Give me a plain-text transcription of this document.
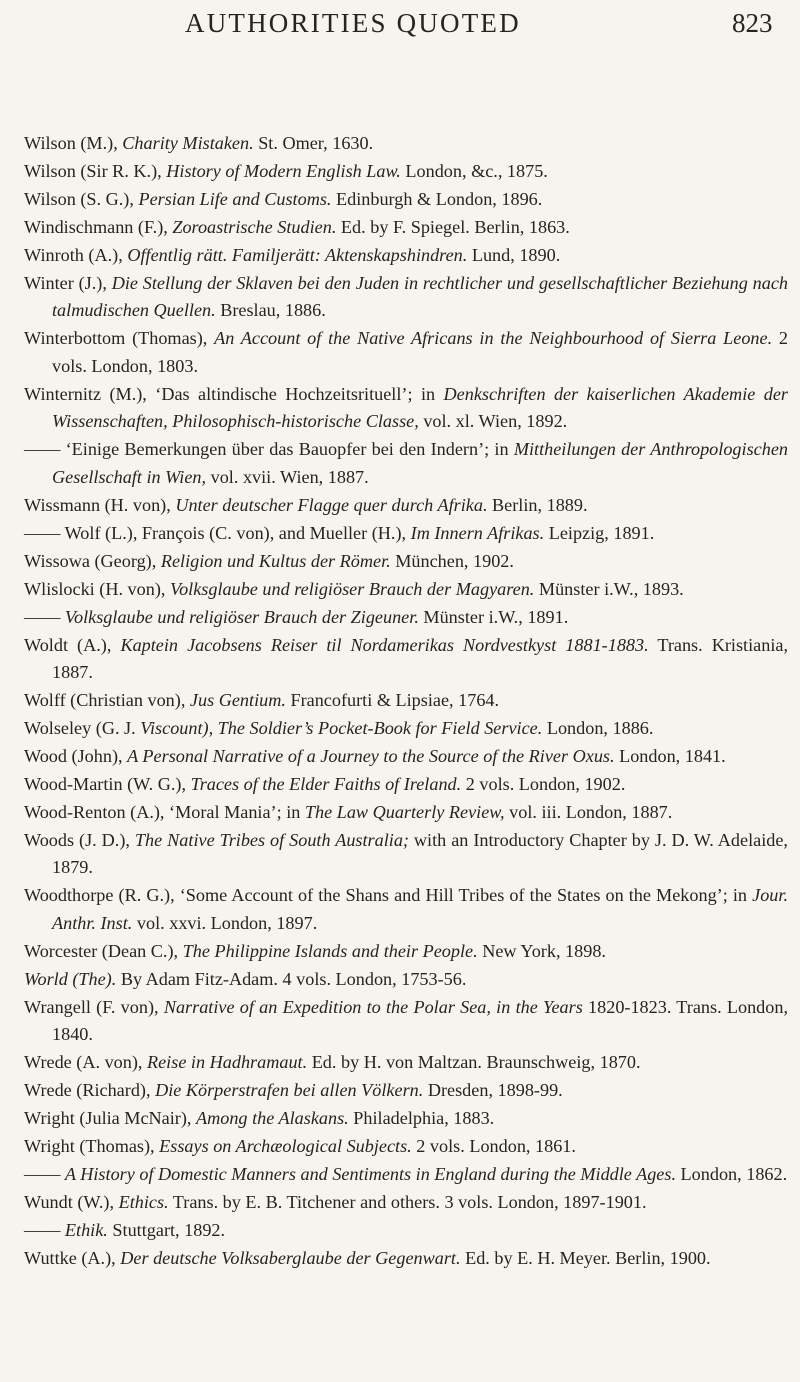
AUTHORITIES QUOTED	823

Wilson (M.), Charity Mistaken. St. Omer, 1630.

Wilson (Sir R. K.), History of Modern English Law. London, &c., 1875.

Wilson (S. G.), Persian Life and Customs. Edinburgh & London, 1896.

Windischmann (F.), Zoroastrische Studien. Ed. by F. Spiegel. Berlin, 1863.

Winroth (A.), Offentlig rätt. Familjerätt: Aktenskapshindren. Lund, 1890.

Winter (J.), Die Stellung der Sklaven bei den Juden in rechtlicher und gesellschaftlicher Beziehung nach talmudischen Quellen. Breslau, 1886.

Winterbottom (Thomas), An Account of the Native Africans in the Neighbourhood of Sierra Leone. 2 vols. London, 1803.

Winternitz (M.), ‘Das altindische Hochzeitsrituell’; in Denkschriften der kaiserlichen Akademie der Wissenschaften, Philosophisch-historische Classe, vol. xl. Wien, 1892.

—— ‘Einige Bemerkungen über das Bauopfer bei den Indern’; in Mittheilungen der Anthropologischen Gesellschaft in Wien, vol. xvii. Wien, 1887.

Wissmann (H. von), Unter deutscher Flagge quer durch Afrika. Berlin, 1889.

—— Wolf (L.), François (C. von), and Mueller (H.), Im Innern Afrikas. Leipzig, 1891.

Wissowa (Georg), Religion und Kultus der Römer. München, 1902.

Wlislocki (H. von), Volksglaube und religiöser Brauch der Magyaren. Münster i.W., 1893.

—— Volksglaube und religiöser Brauch der Zigeuner. Münster i.W., 1891.

Woldt (A.), Kaptein Jacobsens Reiser til Nordamerikas Nordvestkyst 1881-1883. Trans. Kristiania, 1887.

Wolff (Christian von), Jus Gentium. Francofurti & Lipsiae, 1764.

Wolseley (G. J. Viscount), The Soldier’s Pocket-Book for Field Service. London, 1886.

Wood (John), A Personal Narrative of a Journey to the Source of the River Oxus. London, 1841.

Wood-Martin (W. G.), Traces of the Elder Faiths of Ireland. 2 vols. London, 1902.

Wood-Renton (A.), ‘Moral Mania’; in The Law Quarterly Review, vol. iii. London, 1887.

Woods (J. D.), The Native Tribes of South Australia; with an Introductory Chapter by J. D. W. Adelaide, 1879.

Woodthorpe (R. G.), ‘Some Account of the Shans and Hill Tribes of the States on the Mekong’; in Jour. Anthr. Inst. vol. xxvi. London, 1897.

Worcester (Dean C.), The Philippine Islands and their People. New York, 1898.

World (The). By Adam Fitz-Adam. 4 vols. London, 1753-56.

Wrangell (F. von), Narrative of an Expedition to the Polar Sea, in the Years 1820-1823. Trans. London, 1840.

Wrede (A. von), Reise in Hadhramaut. Ed. by H. von Maltzan. Braunschweig, 1870.

Wrede (Richard), Die Körperstrafen bei allen Völkern. Dresden, 1898-99.

Wright (Julia McNair), Among the Alaskans. Philadelphia, 1883.

Wright (Thomas), Essays on Archæological Subjects. 2 vols. London, 1861.

—— A History of Domestic Manners and Sentiments in England during the Middle Ages. London, 1862.

Wundt (W.), Ethics. Trans. by E. B. Titchener and others. 3 vols. London, 1897-1901.

—— Ethik. Stuttgart, 1892.

Wuttke (A.), Der deutsche Volksaberglaube der Gegenwart. Ed. by E. H. Meyer. Berlin, 1900.
